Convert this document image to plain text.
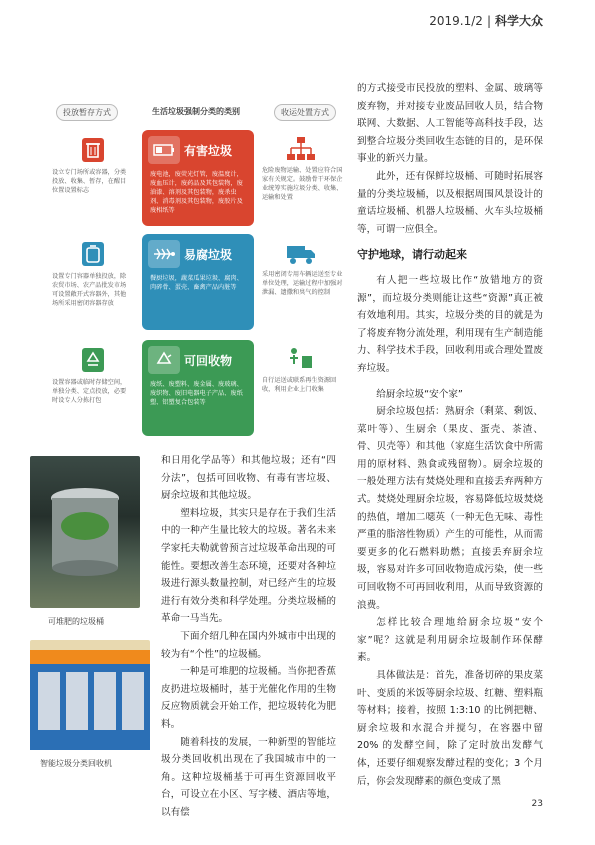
2019.1/2 | 科学大众
投放暂存方式	生活垃圾强制分类的类别	收运处置方式
设立专门场所或容器，分类投放、收集、暂存，在醒目位置设置标志
有害垃圾
废电池，废荧光灯管，废温度计，废血压计，废药品及其包装物，废油漆、溶剂及其包装物，废杀虫剂、消毒剂及其包装物，废胶片及废相纸等
危险废物运输、处置应符合国家有关规定。鼓励骨干环保企业统筹实施垃圾分类、收集、运输和处置
设置专门容器单独投放，除农贸市场、农产品批发市场可设置敞开式容器外，其他场所采用密闭容器存放
易腐垃圾
餐厨垃圾，蔬菜瓜果垃圾、腐肉、肉碎骨、蛋壳、畜禽产品内脏等
采用密闭专用车辆运送至专业单位处理，运输过程中加强对泄漏、遗撒和臭气的控制
设置容器或临时存储空间，单独分类、定点投放，必要时设专人分拣打包
可回收物
废纸、废塑料、废金属、废玻璃、废织物、废旧电器电子产品、废纸塑、铝塑复合包装等
自行运送或联系再生资源回收，利用企业上门收集
可堆肥的垃圾桶
智能垃圾分类回收机

和日用化学品等）和其他垃圾；还有“四分法”，包括可回收物、有毒有害垃圾、厨余垃圾和其他垃圾。

塑料垃圾，其实只是存在于我们生活中的一种产生量比较大的垃圾。著名未来学家托夫勒就曾预言过垃圾革命出现的可能性。要想改善生态环境，还要对各种垃圾进行源头数量控制，对已经产生的垃圾进行有效分类和科学处理。分类垃圾桶的革命一马当先。

下面介绍几种在国内外城市中出现的较为有“个性”的垃圾桶。

一种是可堆肥的垃圾桶。当你把香蕉皮扔进垃圾桶时，基于光催化作用的生物反应物质就会开始工作，把垃圾转化为肥料。

随着科技的发展，一种新型的智能垃圾分类回收机出现在了我国城市中的一角。这种垃圾桶基于可再生资源回收平台，可设立在小区、写字楼、酒店等地，以有偿

的方式接受市民投放的塑料、金属、玻璃等废弃物，并对接专业废品回收人员，结合物联网、大数据、人工智能等高科技手段，达到整合垃圾分类回收生态链的目的，是环保事业的新兴力量。

此外，还有保鲜垃圾桶、可随时拓展容量的分类垃圾桶，以及根据周围风景设计的童话垃圾桶、机器人垃圾桶、火车头垃圾桶等，可谓一应俱全。

守护地球，请行动起来

有人把一些垃圾比作“放错地方的资源”，而垃圾分类则能让这些“资源”真正被有效地利用。其实，垃圾分类的目的就是为了将废弃物分流处理，利用现有生产制造能力、科学技术手段，回收利用或合理处置废弃垃圾。

给厨余垃圾“安个家”

厨余垃圾包括：熟厨余（剩菜、剩饭、菜叶等）、生厨余（果皮、蛋壳、茶渣、骨、贝壳等）和其他（家庭生活饮食中所需用的原材料、熟食或残留物）。厨余垃圾的一般处理方法有焚烧处理和直接丢弃两种方式。焚烧处理厨余垃圾，容易降低垃圾焚烧的热值，增加二噁英（一种无色无味、毒性严重的脂溶性物质）产生的可能性，从而需要更多的化石燃料助燃；直接丢弃厨余垃圾，容易对许多可回收物造成污染，使一些可回收物不可再回收利用，从而导致资源的浪费。

怎样比较合理地给厨余垃圾“安个家”呢？这就是利用厨余垃圾制作环保酵素。

具体做法是：首先，准备切碎的果皮菜叶、变质的米饭等厨余垃圾、红糖、塑料瓶等材料；接着，按照 1:3:10 的比例把糖、厨余垃圾和水混合并搅匀，在容器中留 20% 的发酵空间，除了定时放出发酵气体，还要仔细观察发酵过程的变化；3 个月后，你会发现酵素的颜色变成了黑

23
